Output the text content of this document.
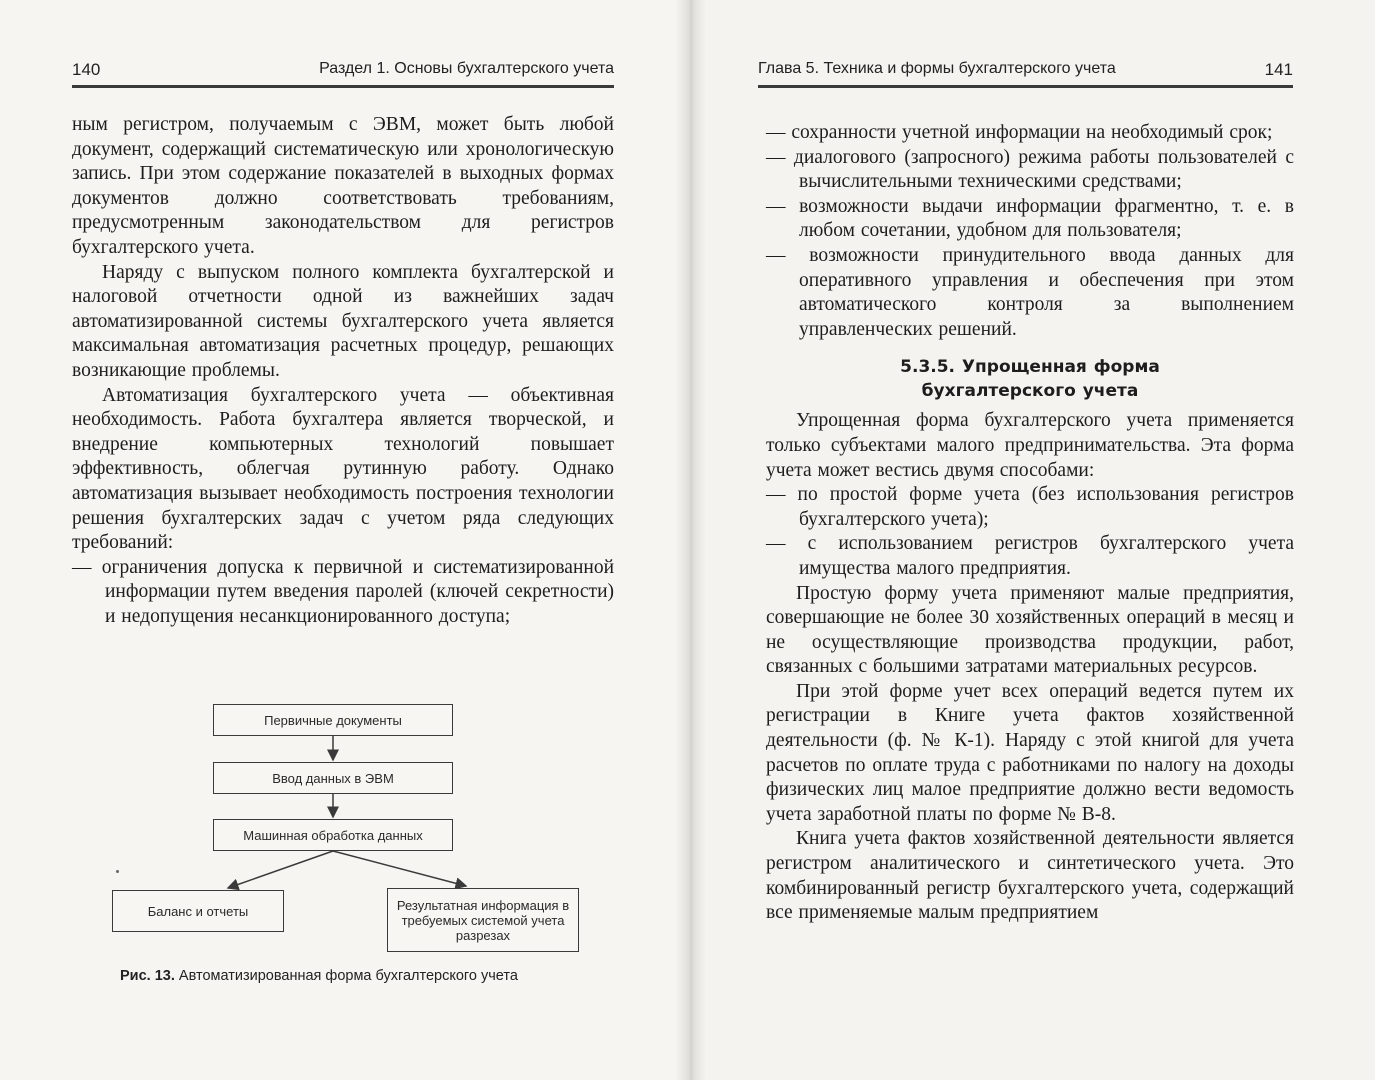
140	Раздел 1. Основы бухгалтерского учета

ным регистром, получаемым с ЭВМ, может быть любой документ, содержащий систематическую или хронологическую запись. При этом содержание показателей в выходных формах документов должно соответствовать требованиям, предусмотренным законодательством для регистров бухгалтерского учета.

Наряду с выпуском полного комплекта бухгалтерской и налоговой отчетности одной из важнейших задач автоматизированной системы бухгалтерского учета является максимальная автоматизация расчетных процедур, решающих возникающие проблемы.

Автоматизация бухгалтерского учета — объективная необходимость. Работа бухгалтера является творческой, и внедрение компьютерных технологий повышает эффективность, облегчая рутинную работу. Однако автоматизация вызывает необходимость построения технологии решения бухгалтерских задач с учетом ряда следующих требований:

— ограничения допуска к первичной и систематизированной информации путем введения паролей (ключей секретности) и недопущения несанкционированного доступа;

Первичные документы
Ввод данных в ЭВМ
Машинная обработка данных
Баланс и отчеты	Результатная информация в требуемых системой учета разрезах
Рис. 13. Автоматизированная форма бухгалтерского учета
Глава 5. Техника и формы бухгалтерского учета	141

— сохранности учетной информации на необходимый срок;

— диалогового (запросного) режима работы пользователей с вычислительными техническими средствами;

— возможности выдачи информации фрагментно, т. е. в любом сочетании, удобном для пользователя;

— возможности принудительного ввода данных для оперативного управления и обеспечения при этом автоматического контроля за выполнением управленческих решений.

5.3.5. Упрощенная форма
бухгалтерского учета

Упрощенная форма бухгалтерского учета применяется только субъектами малого предпринимательства. Эта форма учета может вестись двумя способами:

— по простой форме учета (без использования регистров бухгалтерского учета);

— с использованием регистров бухгалтерского учета имущества малого предприятия.

Простую форму учета применяют малые предприятия, совершающие не более 30 хозяйственных операций в месяц и не осуществляющие производства продукции, работ, связанных с большими затратами материальных ресурсов.

При этой форме учет всех операций ведется путем их регистрации в Книге учета фактов хозяйственной деятельности (ф. № К-1). Наряду с этой книгой для учета расчетов по оплате труда с работниками по налогу на доходы физических лиц малое предприятие должно вести ведомость учета заработной платы по форме № В-8.

Книга учета фактов хозяйственной деятельности является регистром аналитического и синтетического учета. Это комбинированный регистр бухгалтерского учета, содержащий все применяемые малым предприятием
